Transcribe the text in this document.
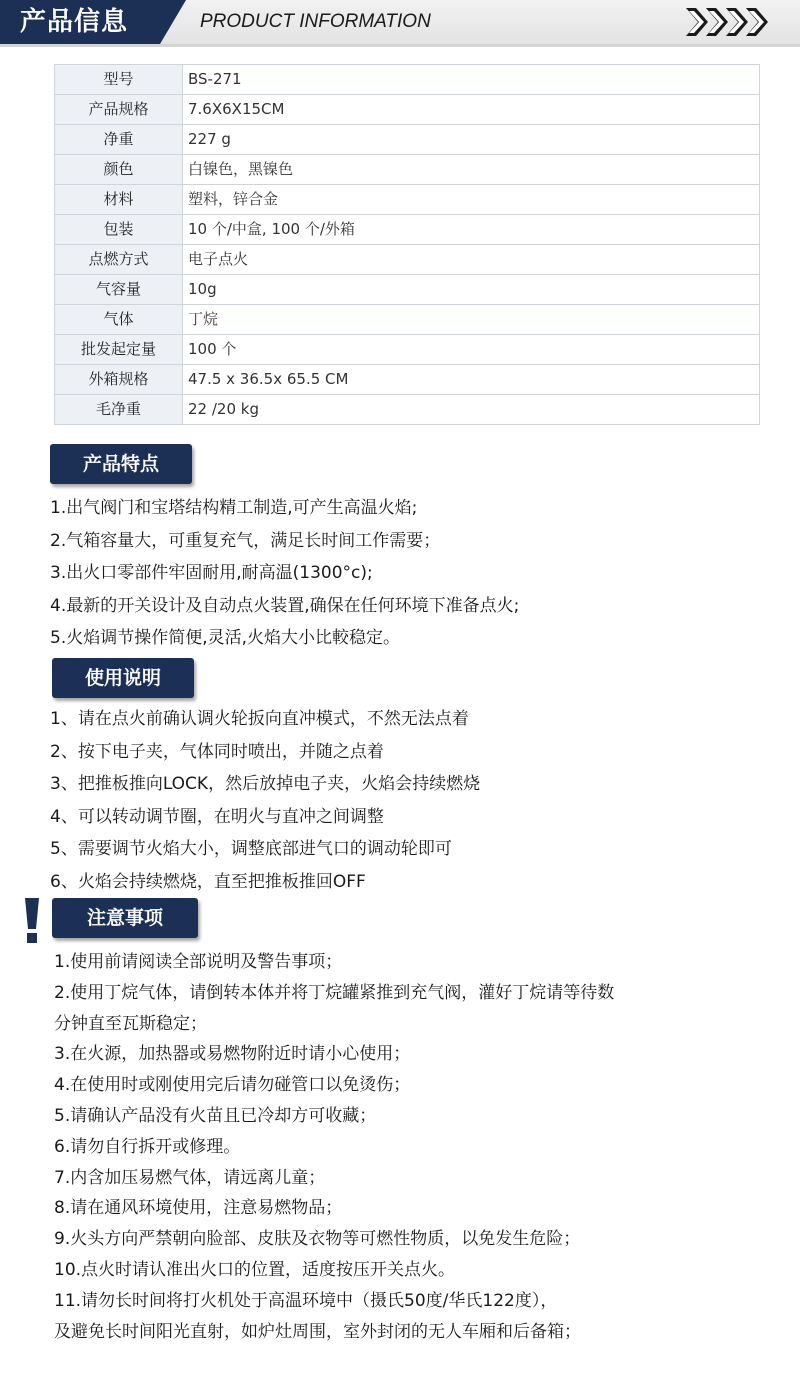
产品信息	PRODUCT INFORMATION
型号	BS-271
产品规格	7.6X6X15CM
净重	227 g
颜色	白镍色，黑镍色
材料	塑料，锌合金
包装	10 个/中盒, 100 个/外箱
点燃方式	电子点火
气容量	10g
气体	丁烷
批发起定量	100 个
外箱规格	47.5 x 36.5x 65.5 CM
毛净重	22 /20 kg
产品特点
1.出气阀门和宝塔结构精工制造,可产生高温火焰;
2.气箱容量大，可重复充气，满足长时间工作需要；
3.出火口零部件牢固耐用,耐高温(1300°c);
4.最新的开关设计及自动点火装置,确保在任何环境下准备点火;
5.火焰调节操作简便,灵活,火焰大小比較稳定。
使用说明
1、请在点火前确认调火轮扳向直冲模式，不然无法点着
2、按下电子夹，气体同时喷出，并随之点着
3、把推板推向LOCK，然后放掉电子夹，火焰会持续燃烧
4、可以转动调节圈，在明火与直冲之间调整
5、需要调节火焰大小，调整底部进气口的调动轮即可
6、火焰会持续燃烧，直至把推板推回OFF
注意事项
1.使用前请阅读全部说明及警告事项；
2.使用丁烷气体，请倒转本体并将丁烷罐紧推到充气阀，灌好丁烷请等待数
分钟直至瓦斯稳定；
3.在火源，加热器或易燃物附近时请小心使用；
4.在使用时或刚使用完后请勿碰管口以免烫伤；
5.请确认产品没有火苗且已冷却方可收藏；
6.请勿自行拆开或修理。
7.内含加压易燃气体，请远离儿童；
8.请在通风环境使用，注意易燃物品；
9.火头方向严禁朝向脸部、皮肤及衣物等可燃性物质，以免发生危险；
10.点火时请认准出火口的位置，适度按压开关点火。
11.请勿长时间将打火机处于高温环境中（摄氏50度/华氏122度），
及避免长时间阳光直射，如炉灶周围，室外封闭的无人车厢和后备箱；
